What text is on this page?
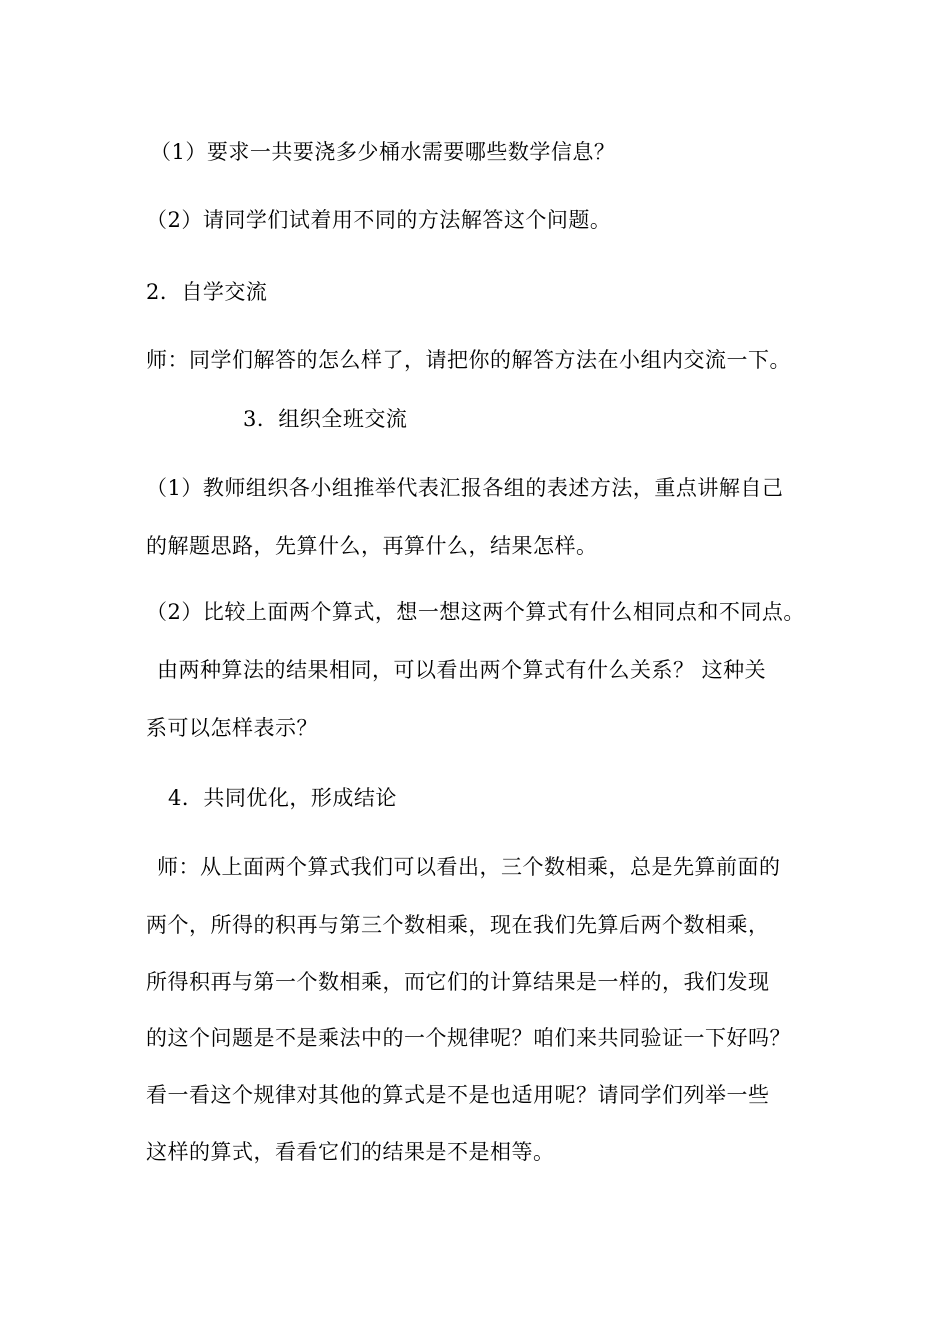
（1）要求一共要浇多少桶水需要哪些数学信息？
（2）请同学们试着用不同的方法解答这个问题。
2．自学交流
师：同学们解答的怎么样了，请把你的解答方法在小组内交流一下。
3．组织全班交流
（1）教师组织各小组推举代表汇报各组的表述方法，重点讲解自己
的解题思路，先算什么，再算什么，结果怎样。
（2）比较上面两个算式，想一想这两个算式有什么相同点和不同点。
由两种算法的结果相同，可以看出两个算式有什么关系？ 这种关
系可以怎样表示？
4．共同优化，形成结论
师：从上面两个算式我们可以看出，三个数相乘，总是先算前面的
两个，所得的积再与第三个数相乘，现在我们先算后两个数相乘，
所得积再与第一个数相乘，而它们的计算结果是一样的，我们发现
的这个问题是不是乘法中的一个规律呢？咱们来共同验证一下好吗？
看一看这个规律对其他的算式是不是也适用呢？请同学们列举一些
这样的算式，看看它们的结果是不是相等。
